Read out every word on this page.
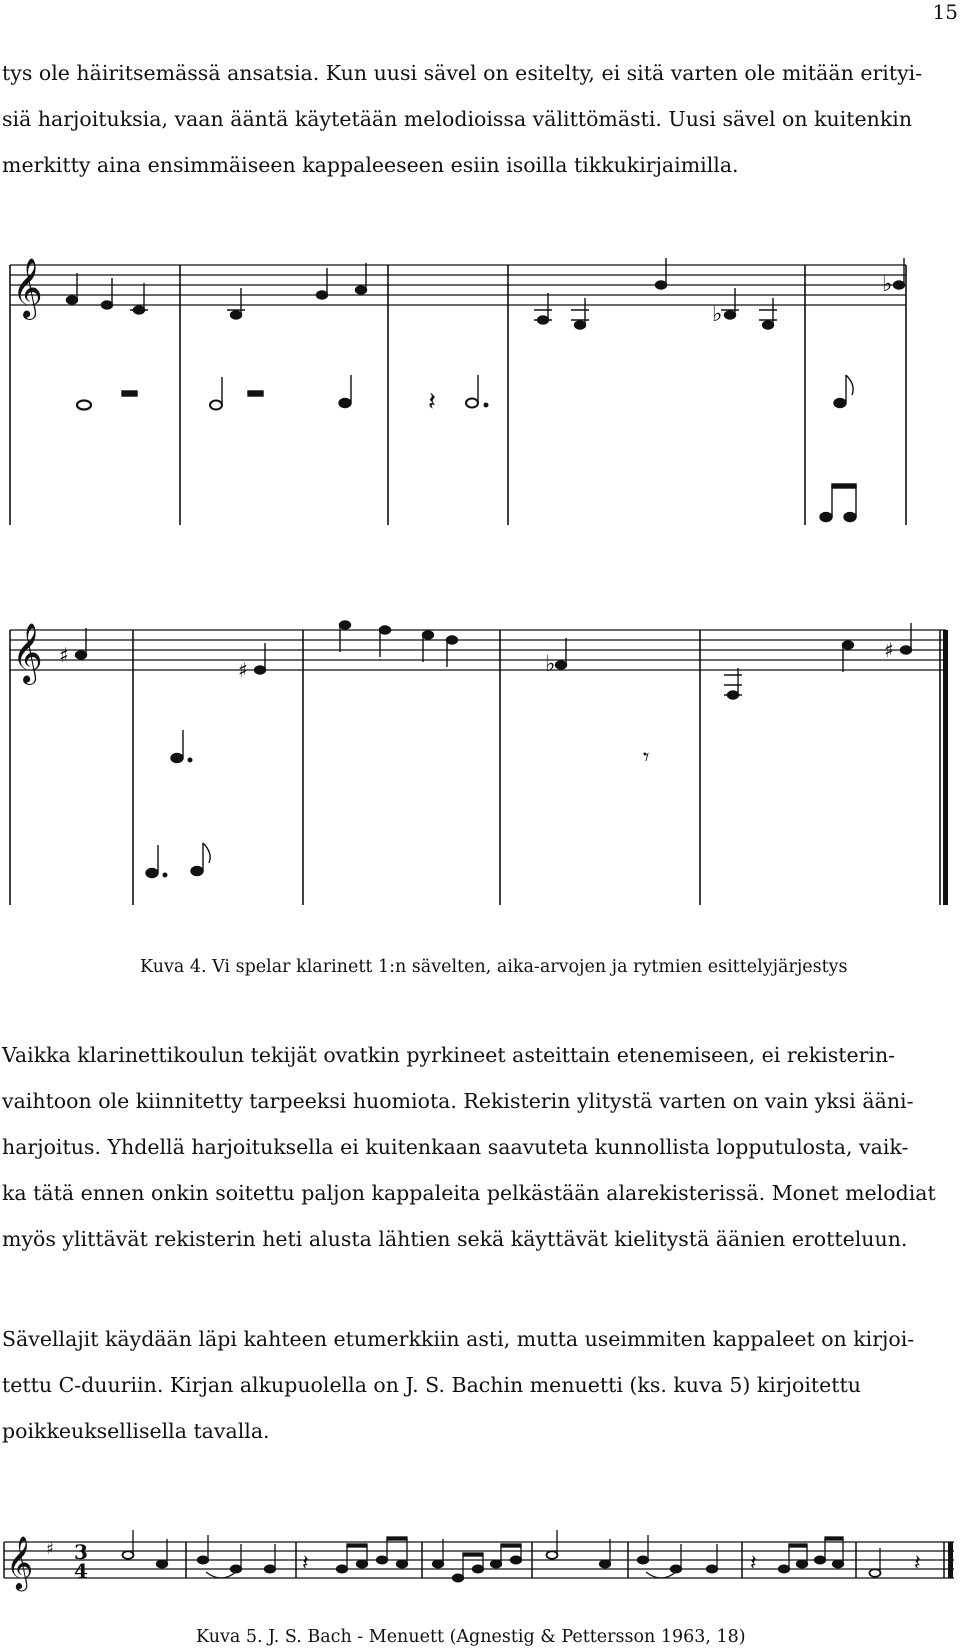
15

tys ole häiritsemässä ansatsia. Kun uusi sävel on esitelty, ei sitä varten ole mitään erityi-
siä harjoituksia, vaan ääntä käytetään melodioissa välittömästi. Uusi sävel on kuitenkin
merkitty aina ensimmäiseen kappaleeseen esiin isoilla tikkukirjaimilla.

𝄞	♭
♭
𝄽
𝄞 ♯
♯	♭
♯
𝄾
Kuva 4. Vi spelar klarinett 1:n sävelten, aika-arvojen ja rytmien esittelyjärjestys

Vaikka klarinettikoulun tekijät ovatkin pyrkineet asteittain etenemiseen, ei rekisterin-
vaihtoon ole kiinnitetty tarpeeksi huomiota. Rekisterin ylitystä varten on vain yksi ääni-
harjoitus. Yhdellä harjoituksella ei kuitenkaan saavuteta kunnollista lopputulosta, vaik-
ka tätä ennen onkin soitettu paljon kappaleita pelkästään alarekisterissä. Monet melodiat
myös ylittävät rekisterin heti alusta lähtien sekä käyttävät kielitystä äänien erotteluun.

Sävellajit käydään läpi kahteen etumerkkiin asti, mutta useimmiten kappaleet on kirjoi-
tettu C-duuriin. Kirjan alkupuolella on J. S. Bachin menuetti (ks. kuva 5) kirjoitettu
poikkeuksellisella tavalla.

𝄞 ♯ 3
4	𝄽	𝄽	𝄽
Kuva 5. J. S. Bach - Menuett (Agnestig & Pettersson 1963, 18)
